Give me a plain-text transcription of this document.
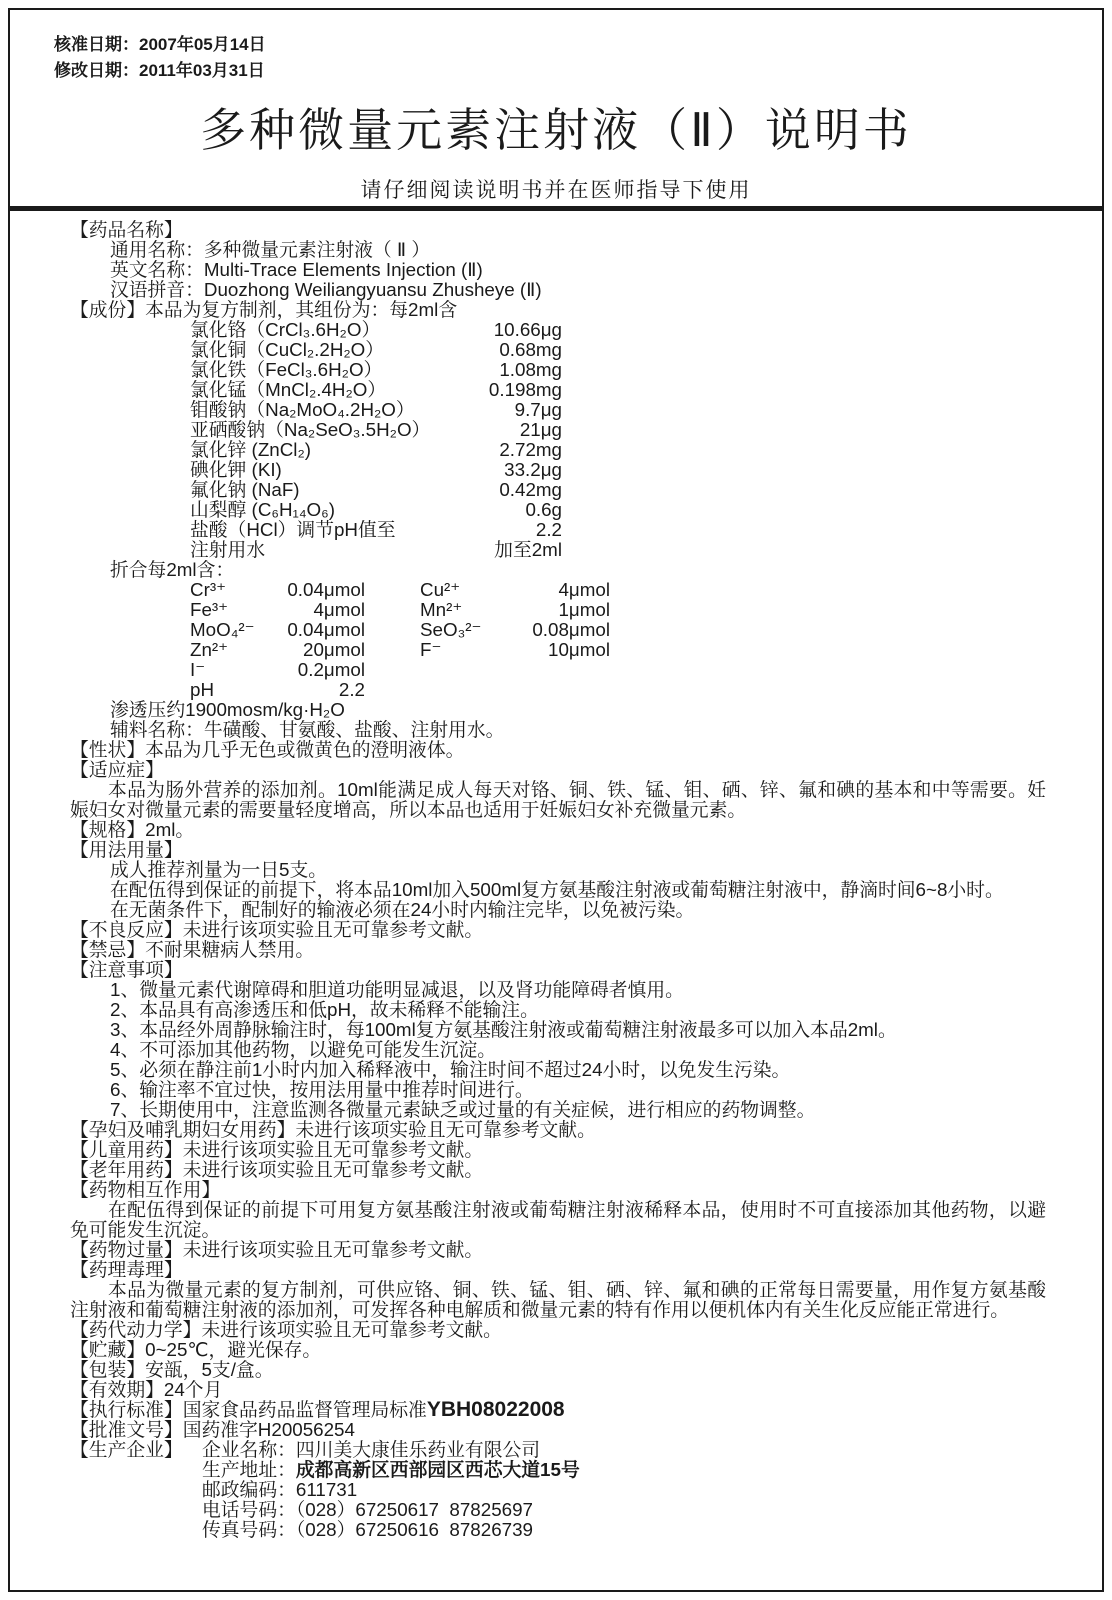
核准日期：2007年05月14日
修改日期：2011年03月31日
多种微量元素注射液（Ⅱ）说明书
请仔细阅读说明书并在医师指导下使用
【药品名称】
通用名称：多种微量元素注射液（ Ⅱ ）
英文名称：Multi-Trace Elements Injection (Ⅱ)
汉语拼音：Duozhong Weiliangyuansu Zhusheye (Ⅱ)
【成份】本品为复方制剂，其组份为：每2ml含
氯化铬（CrCl₃.6H₂O）	10.66μg
氯化铜（CuCl₂.2H₂O）	0.68mg
氯化铁（FeCl₃.6H₂O）	1.08mg
氯化锰（MnCl₂.4H₂O）	0.198mg
钼酸钠（Na₂MoO₄.2H₂O）	9.7μg
亚硒酸钠（Na₂SeO₃.5H₂O）	21μg
氯化锌 (ZnCl₂)	2.72mg
碘化钾 (KI)	33.2μg
氟化钠 (NaF)	0.42mg
山梨醇 (C₆H₁₄O₆)	0.6g
盐酸（HCl）调节pH值至	2.2
注射用水	加至2ml
折合每2ml含：
Cr³⁺	0.04μmol	Cu²⁺	4μmol
Fe³⁺	4μmol	Mn²⁺	1μmol
MoO₄²⁻	0.04μmol	SeO₃²⁻	0.08μmol
Zn²⁺	20μmol	F⁻	10μmol
I⁻	0.2μmol
pH	2.2
渗透压约1900mosm/kg·H₂O
辅料名称：牛磺酸、甘氨酸、盐酸、注射用水。
【性状】本品为几乎无色或微黄色的澄明液体。
【适应症】
本品为肠外营养的添加剂。10ml能满足成人每天对铬、铜、铁、锰、钼、硒、锌、氟和碘的基本和中等需要。妊娠妇女对微量元素的需要量轻度增高，所以本品也适用于妊娠妇女补充微量元素。
【规格】2ml。
【用法用量】
成人推荐剂量为一日5支。
在配伍得到保证的前提下，将本品10ml加入500ml复方氨基酸注射液或葡萄糖注射液中，静滴时间6~8小时。
在无菌条件下，配制好的输液必须在24小时内输注完毕，以免被污染。
【不良反应】未进行该项实验且无可靠参考文献。
【禁忌】不耐果糖病人禁用。
【注意事项】
1、微量元素代谢障碍和胆道功能明显减退，以及肾功能障碍者慎用。
2、本品具有高渗透压和低pH，故未稀释不能输注。
3、本品经外周静脉输注时，每100ml复方氨基酸注射液或葡萄糖注射液最多可以加入本品2ml。
4、不可添加其他药物，以避免可能发生沉淀。
5、必须在静注前1小时内加入稀释液中，输注时间不超过24小时，以免发生污染。
6、输注率不宜过快，按用法用量中推荐时间进行。
7、长期使用中，注意监测各微量元素缺乏或过量的有关症候，进行相应的药物调整。
【孕妇及哺乳期妇女用药】未进行该项实验且无可靠参考文献。
【儿童用药】未进行该项实验且无可靠参考文献。
【老年用药】未进行该项实验且无可靠参考文献。
【药物相互作用】
在配伍得到保证的前提下可用复方氨基酸注射液或葡萄糖注射液稀释本品，使用时不可直接添加其他药物，以避免可能发生沉淀。
【药物过量】未进行该项实验且无可靠参考文献。
【药理毒理】
本品为微量元素的复方制剂，可供应铬、铜、铁、锰、钼、硒、锌、氟和碘的正常每日需要量，用作复方氨基酸注射液和葡萄糖注射液的添加剂，可发挥各种电解质和微量元素的特有作用以便机体内有关生化反应能正常进行。
【药代动力学】未进行该项实验且无可靠参考文献。
【贮藏】0~25℃，避光保存。
【包装】安瓿，5支/盒。
【有效期】24个月
【执行标准】国家食品药品监督管理局标准YBH08022008
【批准文号】国药准字H20056254
【生产企业】	企业名称：四川美大康佳乐药业有限公司
生产地址：成都高新区西部园区西芯大道15号
邮政编码：611731
电话号码：（028）67250617  87825697
传真号码：（028）67250616  87826739
